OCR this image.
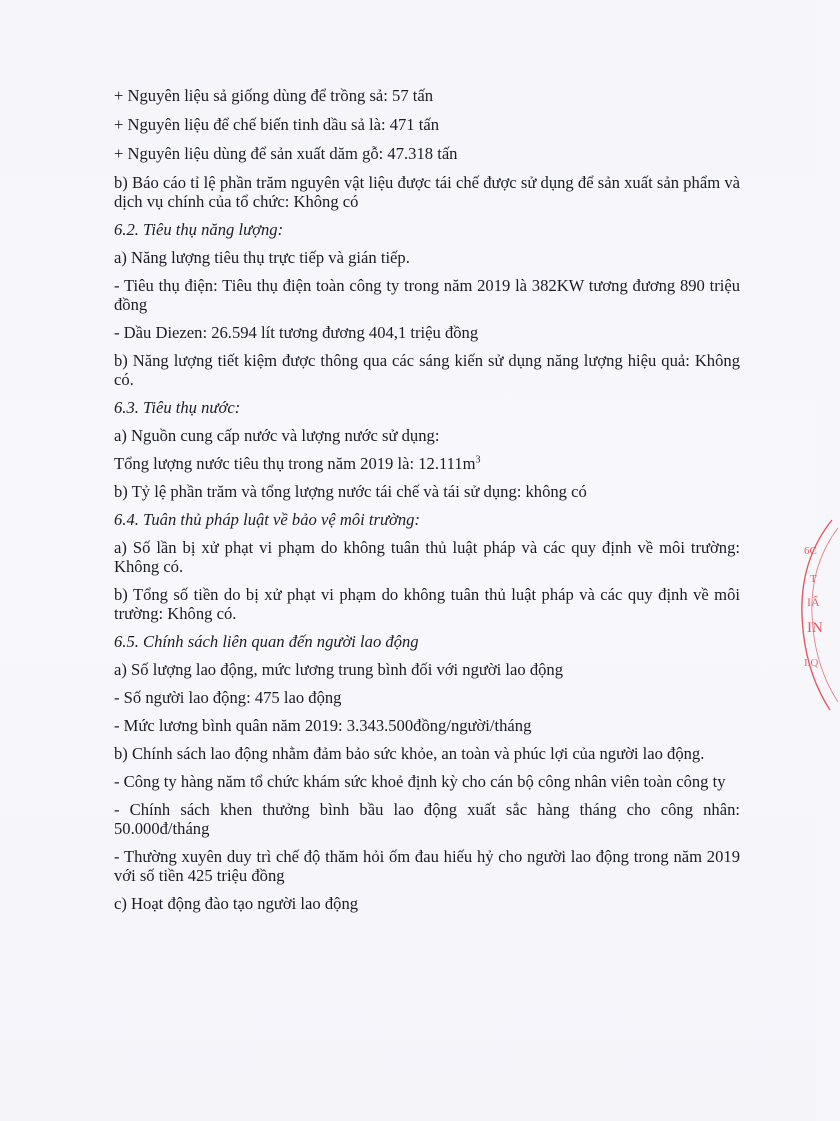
+ Nguyên liệu sả giống dùng để trồng sả: 57 tấn

+ Nguyên liệu để chế biến tinh dầu sả là: 471 tấn

+ Nguyên liệu dùng để sản xuất dăm gỗ: 47.318 tấn

b) Báo cáo tỉ lệ phần trăm nguyên vật liệu được tái chế được sử dụng để sản xuất sản phẩm và dịch vụ chính của tổ chức: Không có

6.2. Tiêu thụ năng lượng:

a) Năng lượng tiêu thụ trực tiếp và gián tiếp.

- Tiêu thụ điện: Tiêu thụ điện toàn công ty trong năm 2019 là 382KW tương đương 890 triệu đồng

- Dầu Diezen: 26.594 lít tương đương 404,1 triệu đồng

b) Năng lượng tiết kiệm được thông qua các sáng kiến sử dụng năng lượng hiệu quả: Không có.

6.3. Tiêu thụ nước:

a) Nguồn cung cấp nước và lượng nước sử dụng:

Tổng lượng nước tiêu thụ trong năm 2019 là: $12.111m^3$

b) Tỷ lệ phần trăm và tổng lượng nước tái chế và tái sử dụng: không có

6.4. Tuân thủ pháp luật về bảo vệ môi trường:

a) Số lần bị xử phạt vi phạm do không tuân thủ luật pháp và các quy định về môi trường: Không có.

b) Tổng số tiền do bị xử phạt vi phạm do không tuân thủ luật pháp và các quy định về môi trường: Không có.

6.5. Chính sách liên quan đến người lao động

a) Số lượng lao động, mức lương trung bình đối với người lao động

- Số người lao động: 475 lao động

- Mức lương bình quân năm 2019: 3.343.500đồng/người/tháng

b) Chính sách lao động nhằm đảm bảo sức khỏe, an toàn và phúc lợi của người lao động.

- Công ty hàng năm tổ chức khám sức khoẻ định kỳ cho cán bộ công nhân viên toàn công ty

- Chính sách khen thưởng bình bầu lao động xuất sắc hàng tháng cho công nhân: 50.000đ/tháng

- Thường xuyên duy trì chế độ thăm hỏi ốm đau hiếu hỷ cho người lao động trong năm 2019 với số tiền 425 triệu đồng

c) Hoạt động đào tạo người lao động

6C
T
IẨ
IN
I.Q
